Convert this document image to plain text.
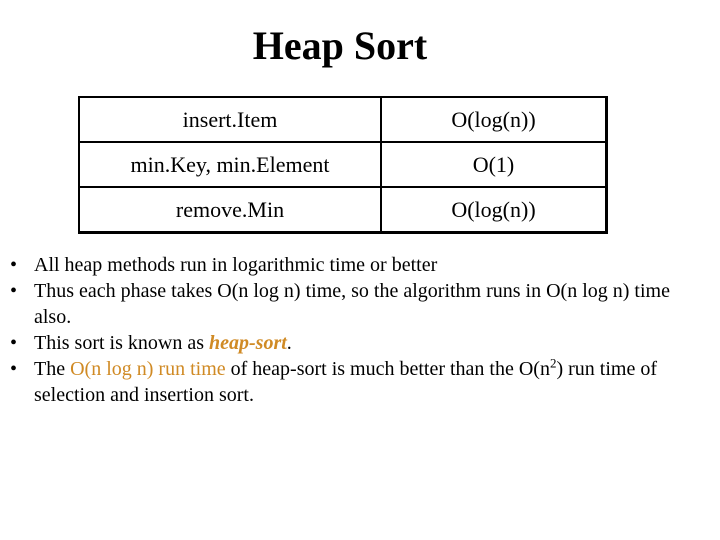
Heap Sort
insert.Item	O(log(n))
min.Key, min.Element	O(1)
remove.Min	O(log(n))
• All heap methods run in logarithmic time or better
• Thus each phase takes O(n log n) time, so the algorithm runs in O(n log n) time also.
• This sort is known as heap-sort.
• The O(n log n) run time of heap-sort is much better than the $O(n^2)$ run time of selection and insertion sort.
